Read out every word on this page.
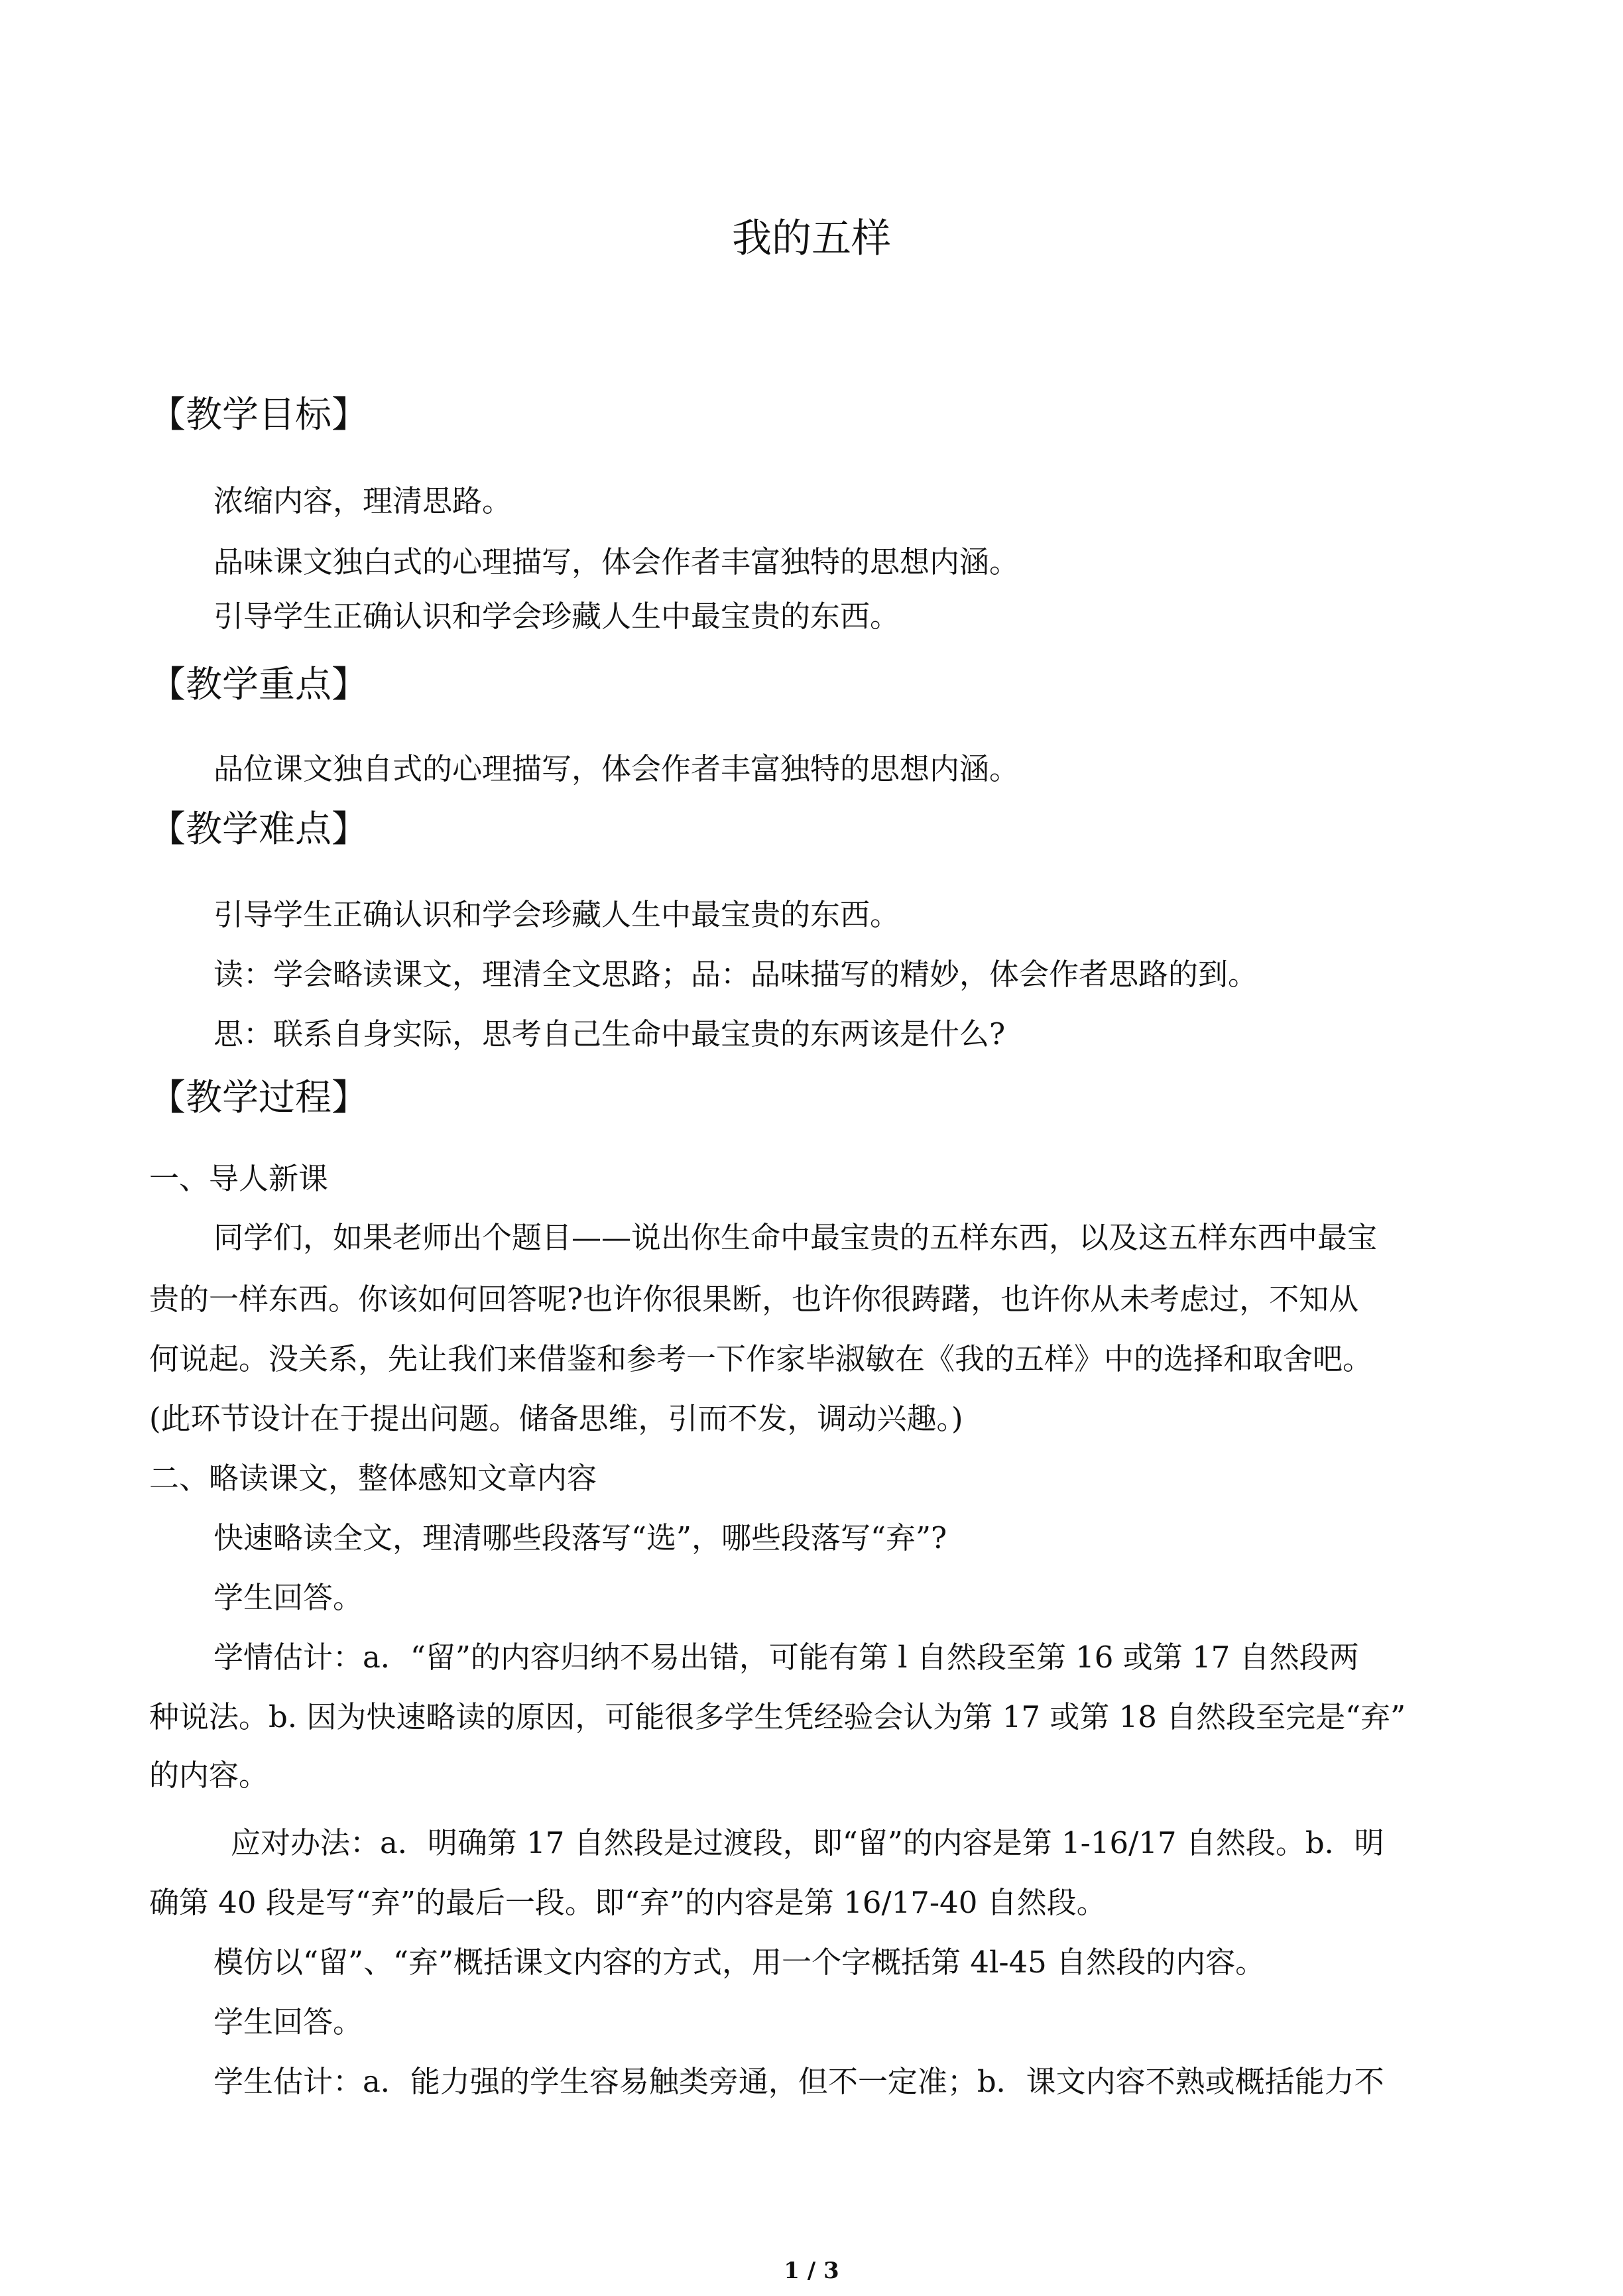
我的五样
【教学目标】
浓缩内容，理清思路。
品味课文独白式的心理描写，体会作者丰富独特的思想内涵。
引导学生正确认识和学会珍藏人生中最宝贵的东西。
【教学重点】
品位课文独自式的心理描写，体会作者丰富独特的思想内涵。
【教学难点】
引导学生正确认识和学会珍藏人生中最宝贵的东西。
读：学会略读课文，理清全文思路；品：品味描写的精妙，体会作者思路的到。
思：联系自身实际，思考自己生命中最宝贵的东两该是什么?
【教学过程】
一、导人新课
同学们，如果老师出个题目——说出你生命中最宝贵的五样东西，以及这五样东西中最宝
贵的一样东西。你该如何回答呢?也许你很果断，也许你很踌躇，也许你从未考虑过，不知从
何说起。没关系，先让我们来借鉴和参考一下作家毕淑敏在《我的五样》中的选择和取舍吧。
(此环节设计在于提出问题。储备思维，引而不发，调动兴趣。)
二、略读课文，整体感知文章内容
快速略读全文，理清哪些段落写“选”，哪些段落写“弃”?
学生回答。
学情估计：a．“留”的内容归纳不易出错，可能有第 l 自然段至第 16 或第 17 自然段两
种说法。b. 因为快速略读的原因，可能很多学生凭经验会认为第 17 或第 18 自然段至完是“弃”
的内容。
应对办法：a．明确第 17 自然段是过渡段，即“留”的内容是第 1-16/17 自然段。b．明
确第 40 段是写“弃”的最后一段。即“弃”的内容是第 16/17-40 自然段。
模仿以“留”、“弃”概括课文内容的方式，用一个字概括第 4l-45 自然段的内容。
学生回答。
学生估计：a．能力强的学生容易触类旁通，但不一定准；b．课文内容不熟或概括能力不
1 / 3
